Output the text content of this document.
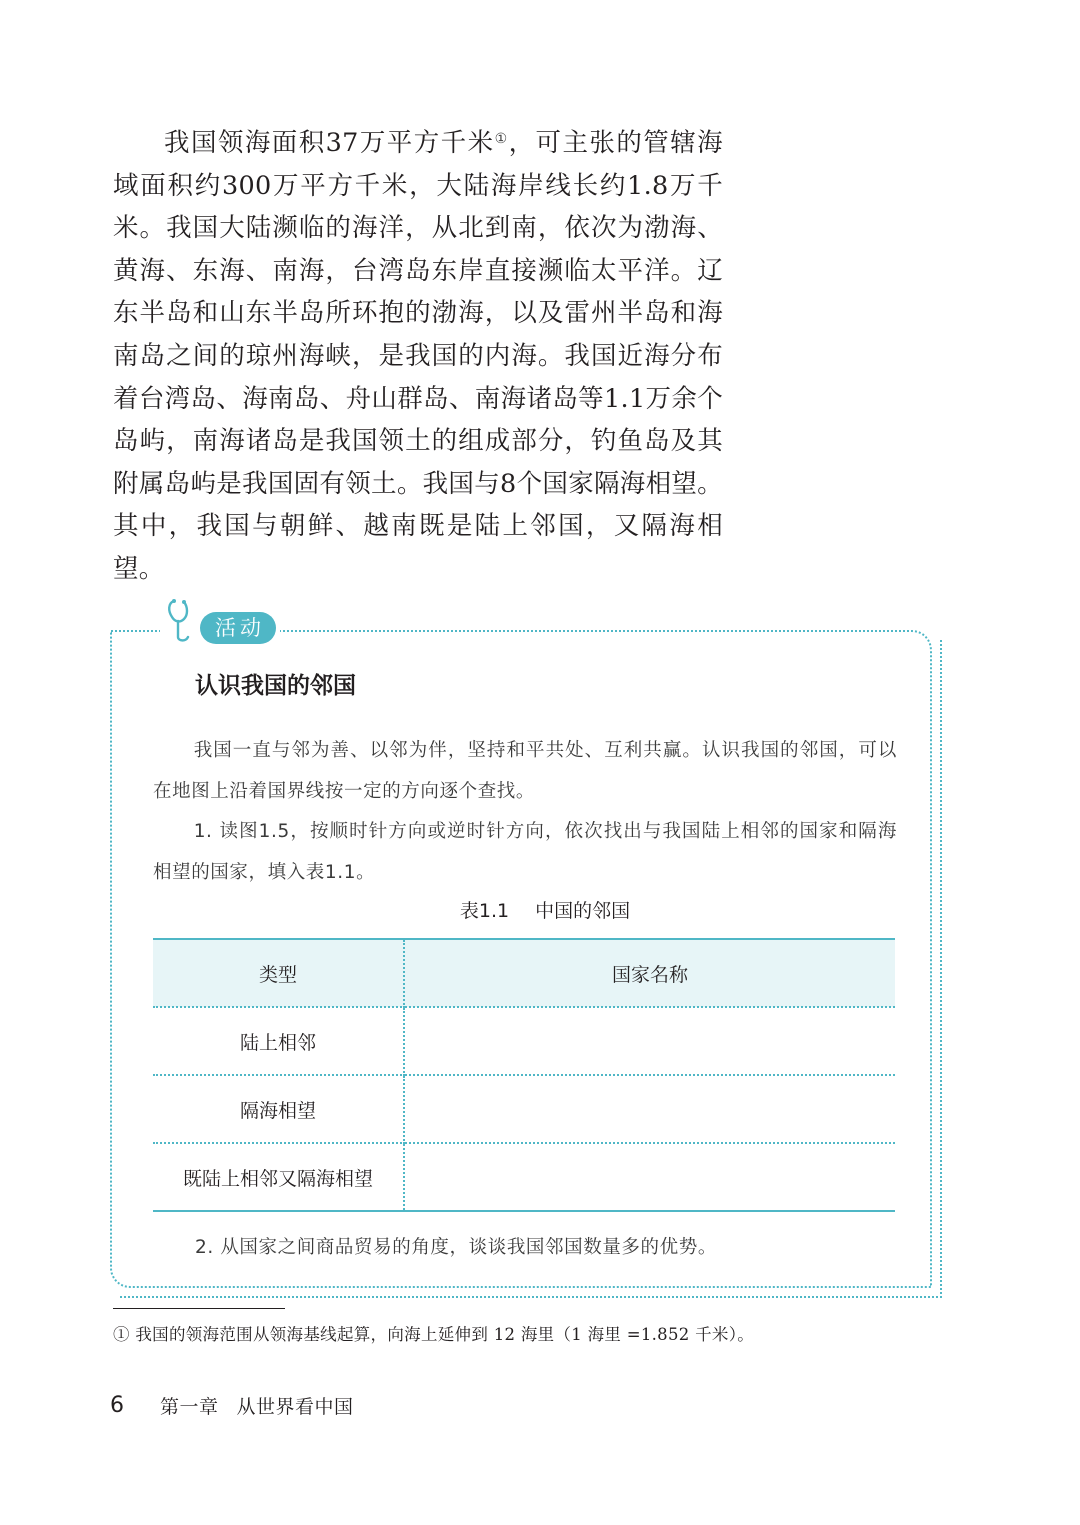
我国领海面积37万平方千米①，可主张的管辖海域面积约300万平方千米，大陆海岸线长约1.8万千米。我国大陆濒临的海洋，从北到南，依次为渤海、黄海、东海、南海，台湾岛东岸直接濒临太平洋。辽东半岛和山东半岛所环抱的渤海，以及雷州半岛和海南岛之间的琼州海峡，是我国的内海。我国近海分布着台湾岛、海南岛、舟山群岛、南海诸岛等1.1万余个岛屿，南海诸岛是我国领土的组成部分，钓鱼岛及其附属岛屿是我国固有领土。我国与8个国家隔海相望。其中，我国与朝鲜、越南既是陆上邻国，又隔海相望。

活动
认识我国的邻国

我国一直与邻为善、以邻为伴，坚持和平共处、互利共赢。认识我国的邻国，可以在地图上沿着国界线按一定的方向逐个查找。

1. 读图1.5，按顺时针方向或逆时针方向，依次找出与我国陆上相邻的国家和隔海相望的国家，填入表1.1。

表1.1 中国的邻国
类型	国家名称
陆上相邻	
隔海相望	
既陆上相邻又隔海相望	

2. 从国家之间商品贸易的角度，谈谈我国邻国数量多的优势。

① 我国的领海范围从领海基线起算，向海上延伸到 12 海里（1 海里 =1.852 千米）。

6 第一章 从世界看中国
